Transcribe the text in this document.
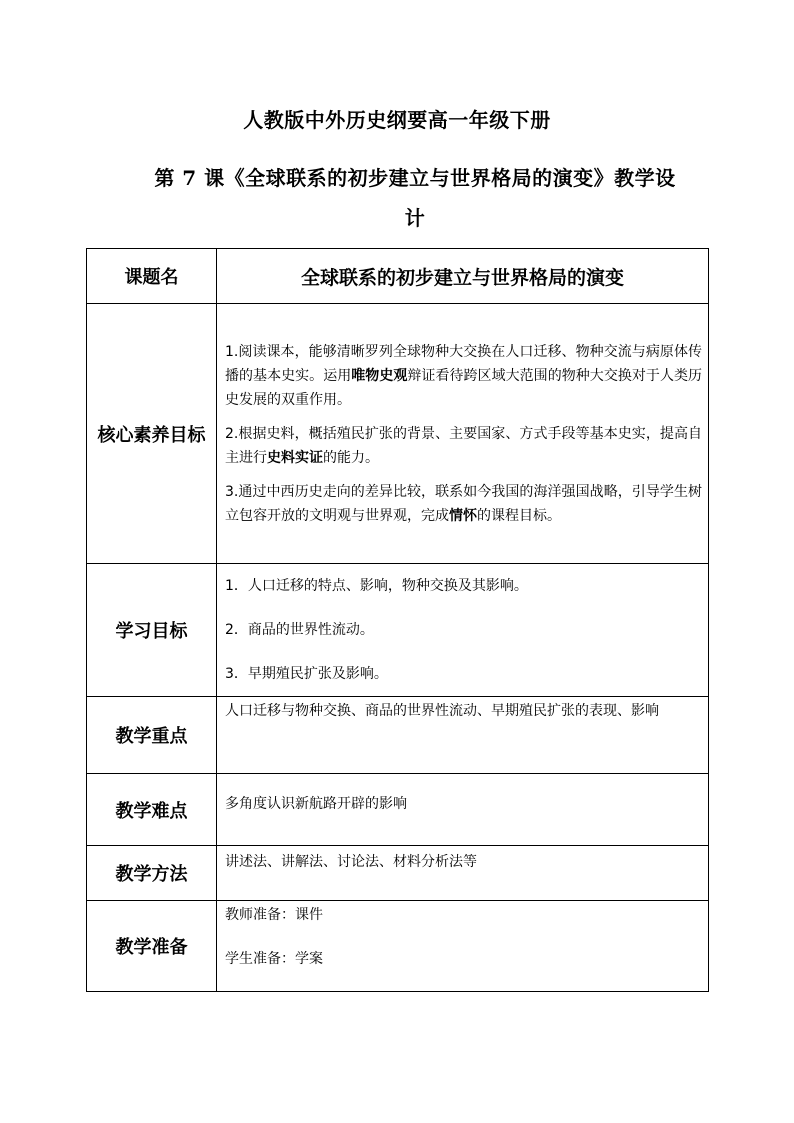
人教版中外历史纲要高一年级下册
第 7 课《全球联系的初步建立与世界格局的演变》教学设计
课题名	全球联系的初步建立与世界格局的演变
核心素养目标	1.阅读课本，能够清晰罗列全球物种大交换在人口迁移、物种交流与病原体传播的基本史实。运用唯物史观辩证看待跨区域大范围的物种大交换对于人类历史发展的双重作用。

2.根据史料，概括殖民扩张的背景、主要国家、方式手段等基本史实，提高自主进行史料实证的能力。

3.通过中西历史走向的差异比较，联系如今我国的海洋强国战略，引导学生树立包容开放的文明观与世界观，完成情怀的课程目标。

学习目标	1．人口迁移的特点、影响，物种交换及其影响。

2．商品的世界性流动。

3．早期殖民扩张及影响。

教学重点	人口迁移与物种交换、商品的世界性流动、早期殖民扩张的表现、影响
教学难点	多角度认识新航路开辟的影响
教学方法	讲述法、讲解法、讨论法、材料分析法等
教学准备	教师准备：课件

学生准备：学案
